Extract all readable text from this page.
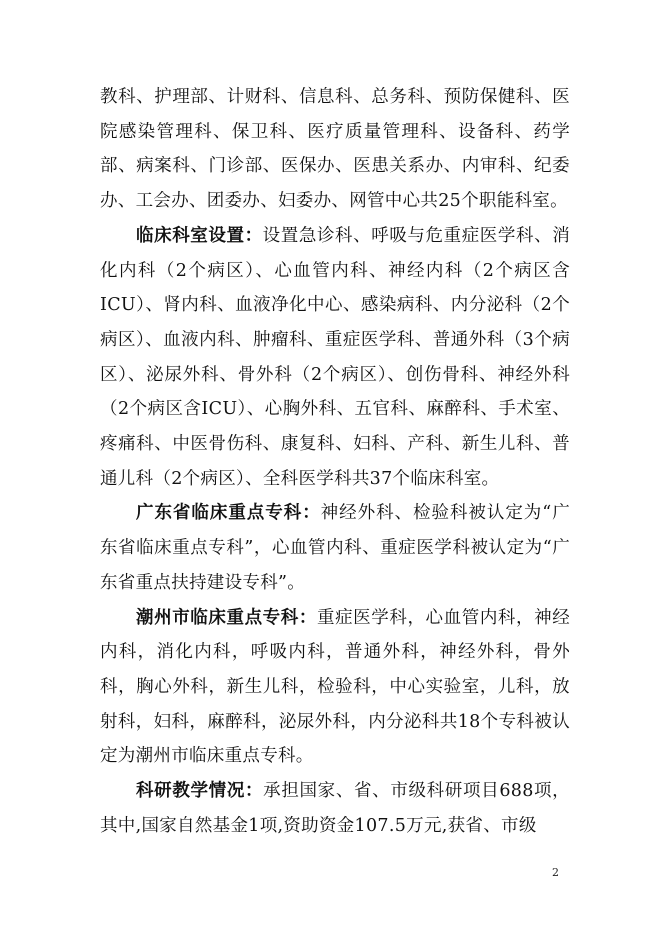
教科、护理部、计财科、信息科、总务科、预防保健科、医院感染管理科、保卫科、医疗质量管理科、设备科、药学部、病案科、门诊部、医保办、医患关系办、内审科、纪委办、工会办、团委办、妇委办、网管中心共25个职能科室。

临床科室设置：设置急诊科、呼吸与危重症医学科、消化内科（2个病区）、心血管内科、神经内科（2个病区含ICU）、肾内科、血液净化中心、感染病科、内分泌科（2个病区）、血液内科、肿瘤科、重症医学科、普通外科（3个病区）、泌尿外科、骨外科（2个病区）、创伤骨科、神经外科（2个病区含ICU）、心胸外科、五官科、麻醉科、手术室、疼痛科、中医骨伤科、康复科、妇科、产科、新生儿科、普通儿科（2个病区）、全科医学科共37个临床科室。

广东省临床重点专科：神经外科、检验科被认定为“广东省临床重点专科”，心血管内科、重症医学科被认定为“广东省重点扶持建设专科”。

潮州市临床重点专科：重症医学科，心血管内科，神经内科，消化内科，呼吸内科，普通外科，神经外科，骨外科，胸心外科，新生儿科，检验科，中心实验室，儿科，放射科，妇科，麻醉科，泌尿外科，内分泌科共18个专科被认定为潮州市临床重点专科。

科研教学情况：承担国家、省、市级科研项目688项，其中,国家自然基金1项,资助资金107.5万元,获省、市级

2
